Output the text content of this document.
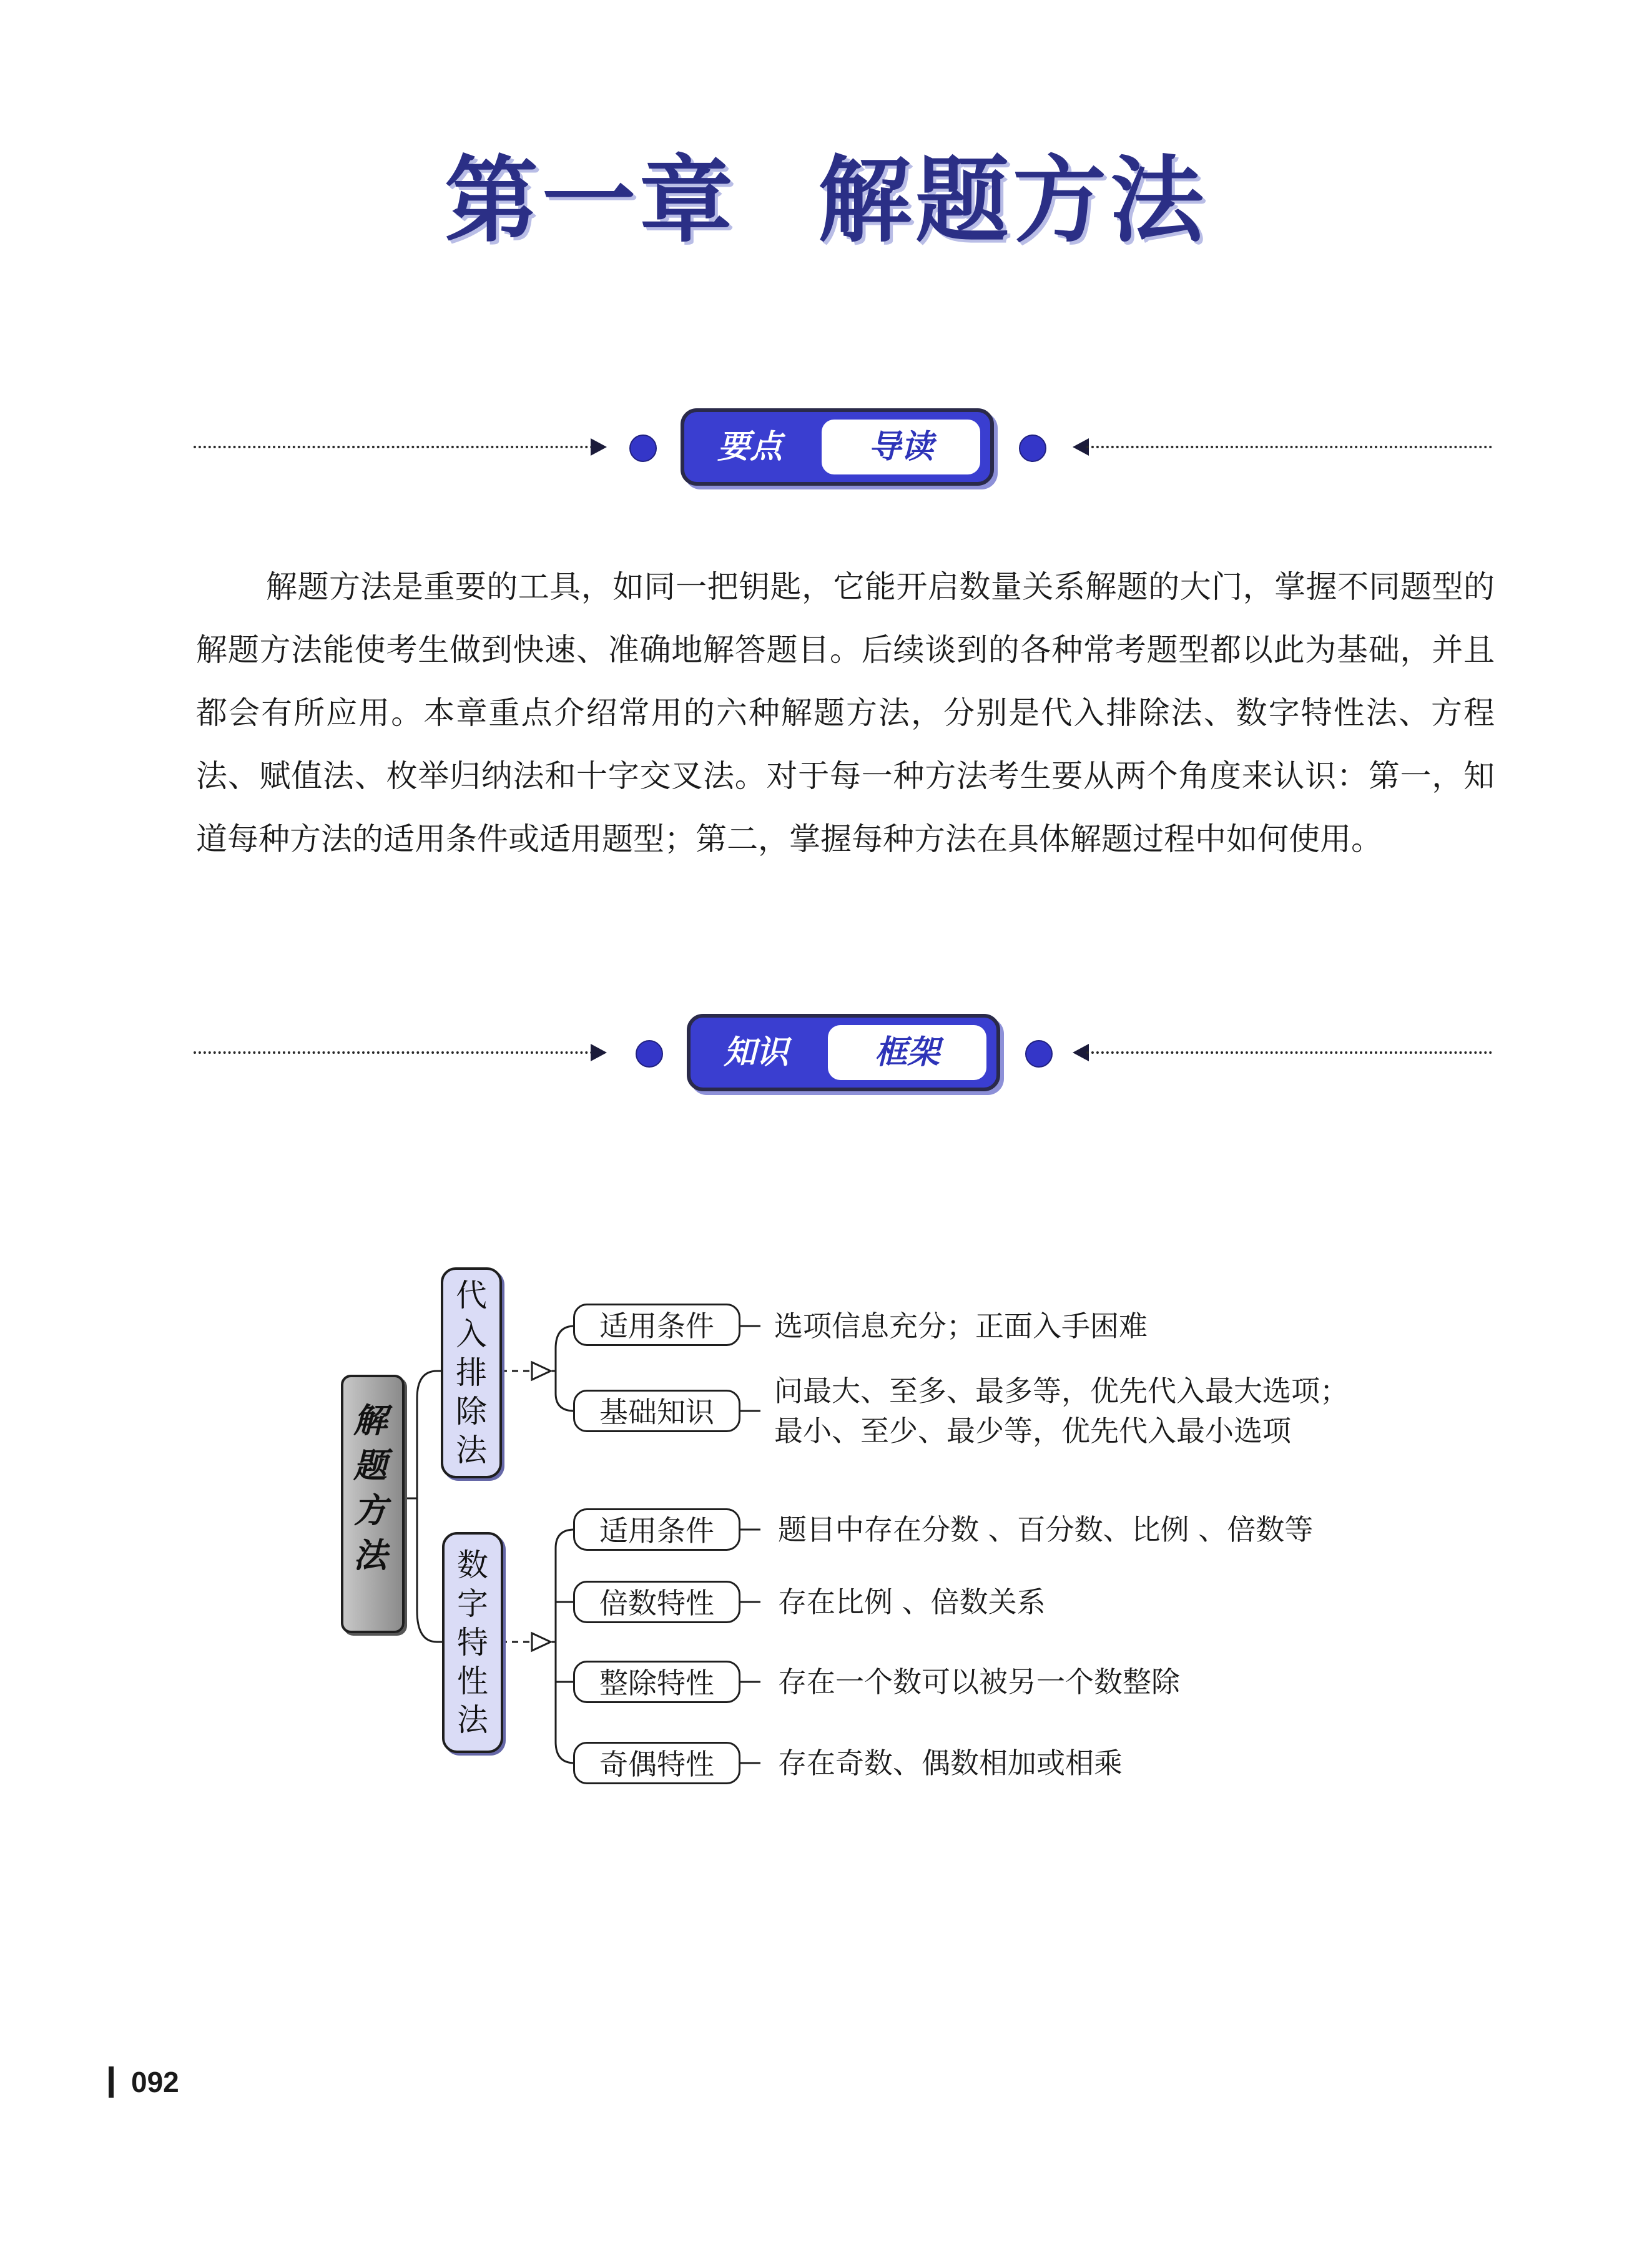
第一章 解题方法
要点	导读
解题方法是重要的工具，如同一把钥匙，它能开启数量关系解题的大门，掌握不同题型的解题方法能使考生做到快速、准确地解答题目。后续谈到的各种常考题型都以此为基础，并且都会有所应用。本章重点介绍常用的六种解题方法，分别是代入排除法、数字特性法、方程法、赋值法、枚举归纳法和十字交叉法。对于每一种方法考生要从两个角度来认识：第一，知道每种方法的适用条件或适用题型；第二，掌握每种方法在具体解题过程中如何使用。
知识	框架
解
题
方
法
代
入
排
除
法
适用条件	选项信息充分；正面入手困难
基础知识
问最大、至多、最多等，优先代入最大选项；
最小、至少、最少等，优先代入最小选项
数
字
特
性
法
适用条件	题目中存在分数 、百分数、比例 、倍数等
倍数特性	存在比例 、倍数关系
整除特性	存在一个数可以被另一个数整除
奇偶特性	存在奇数、偶数相加或相乘
092
